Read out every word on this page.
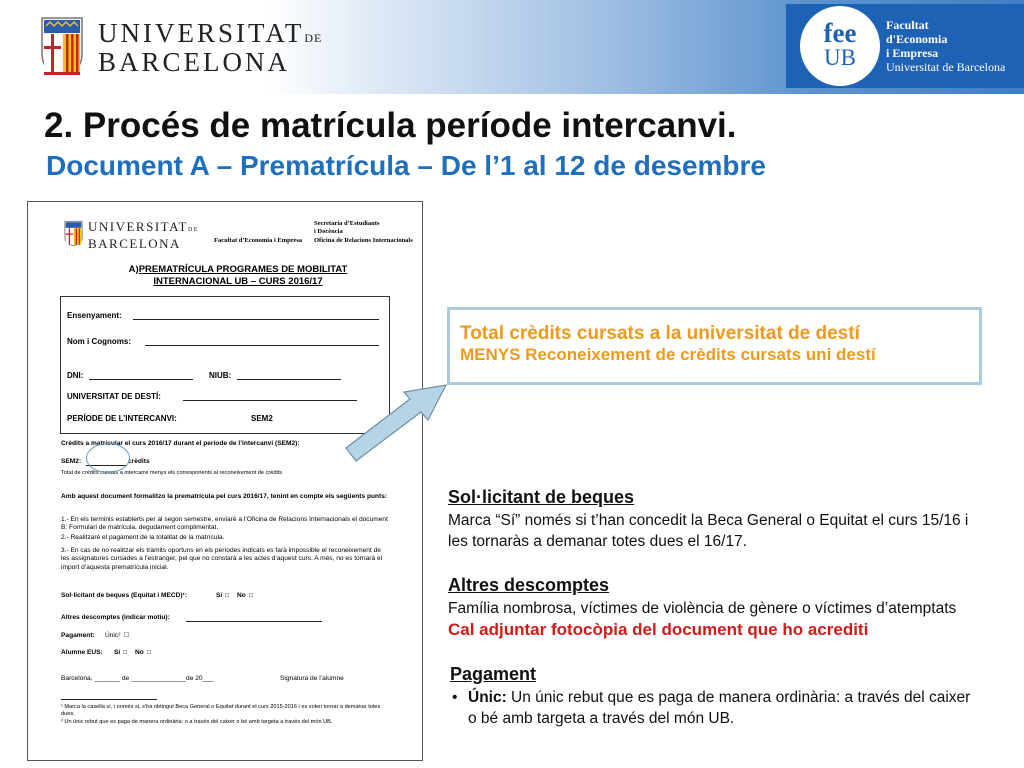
UNIVERSITATDE
BARCELONA
fee
UB
Facultat
d'Economia
i Empresa
Universitat de Barcelona
2. Procés de matrícula període intercanvi.
Document A – Prematrícula – De l’1 al 12 de desembre
UNIVERSITATDE
BARCELONA	Facultat d’Economia i Empresa
Secretaria d’Estudiants
i Docència
Oficina de Relacions Internacionals
A)PREMATRÍCULA PROGRAMES DE MOBILITAT
INTERNACIONAL UB – CURS 2016/17
Ensenyament:
Nom i Cognoms:
DNI:	NIUB:
UNIVERSITAT DE DESTÍ:
PERÍODE DE L’INTERCANVI:	SEM2
Crèdits a matricular el curs 2016/17 durant el període de l’intercanvi (SEM2):
SEM2:	crèdits
Total de crèdits cursats a intercanvi menys els corresponents al reconeixement de crèdits
Amb aquest document formalitzo la prematrícula pel curs 2016/17, tenint en compte els següents punts:
1.- En els terminis establerts per al segon semestre, enviaré a l’Oficina de Relacions Internacionals el document B: Formulari de matrícula, degudament complimentat.
2.- Realitzaré el pagament de la totalitat de la matrícula.
3.- En cas de no realitzar els tràmits oportuns en els períodes indicats es farà impossible el reconeixement de les assignatures cursades a l’estranger, pel que no constarà a les actes d’aquest curs. A més, no es tornarà el import d’aquesta prematrícula inicial.
Sol·licitant de beques (Equitat i MECD)¹:	Sí □ No □
Altres descomptes (indicar motiu):
Pagament: Únic² □
Alumne EUS: Sí □ No □
Barcelona, _______ de _______________de 20___	Signatura de l’alumne
¹ Marca la casella sí, i només si, s’ha obtingut Beca General o Equitat durant el curs 2015-2016 i es volen tornar a demanar totes dues.
² Un únic rebut que es paga de manera ordinària: o a través del caixer o bé amb targeta a través del món UB.
Total crèdits cursats a la universitat de destí
MENYS Reconeixement de crèdits cursats uni destí
Sol·licitant de beques
Marca “Sí” només si t’han concedit la Beca General o Equitat el curs 15/16 i les tornaràs a demanar totes dues el 16/17.
Altres descomptes
Família nombrosa, víctimes de violència de gènere o víctimes d’atemptats
Cal adjuntar fotocòpia del document que ho acrediti
Pagament
• Únic: Un únic rebut que es paga de manera ordinària: a través del caixer o bé amb targeta a través del món UB.
